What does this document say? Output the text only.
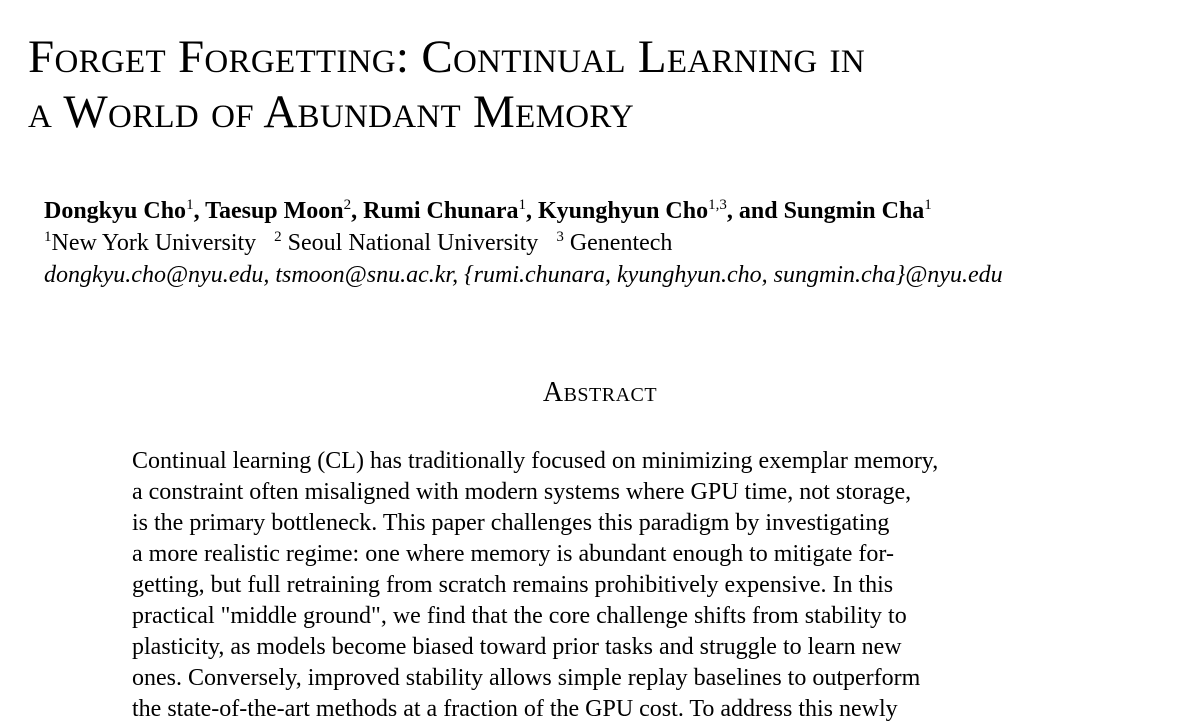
Forget Forgetting: Continual Learning in
a World of Abundant Memory
Dongkyu Cho$^1$, Taesup Moon$^2$, Rumi Chunara$^1$, Kyunghyun Cho$^{1,3}$, and Sungmin Cha$^1$
$^1$New York University $^2$ Seoul National University $^3$ Genentech
dongkyu.cho@nyu.edu, tsmoon@snu.ac.kr, {rumi.chunara, kyunghyun.cho, sungmin.cha}@nyu.edu
Abstract
Continual learning (CL) has traditionally focused on minimizing exemplar memory,
a constraint often misaligned with modern systems where GPU time, not storage,
is the primary bottleneck. This paper challenges this paradigm by investigating
a more realistic regime: one where memory is abundant enough to mitigate for-
getting, but full retraining from scratch remains prohibitively expensive. In this
practical "middle ground", we find that the core challenge shifts from stability to
plasticity, as models become biased toward prior tasks and struggle to learn new
ones. Conversely, improved stability allows simple replay baselines to outperform
the state-of-the-art methods at a fraction of the GPU cost. To address this newly
